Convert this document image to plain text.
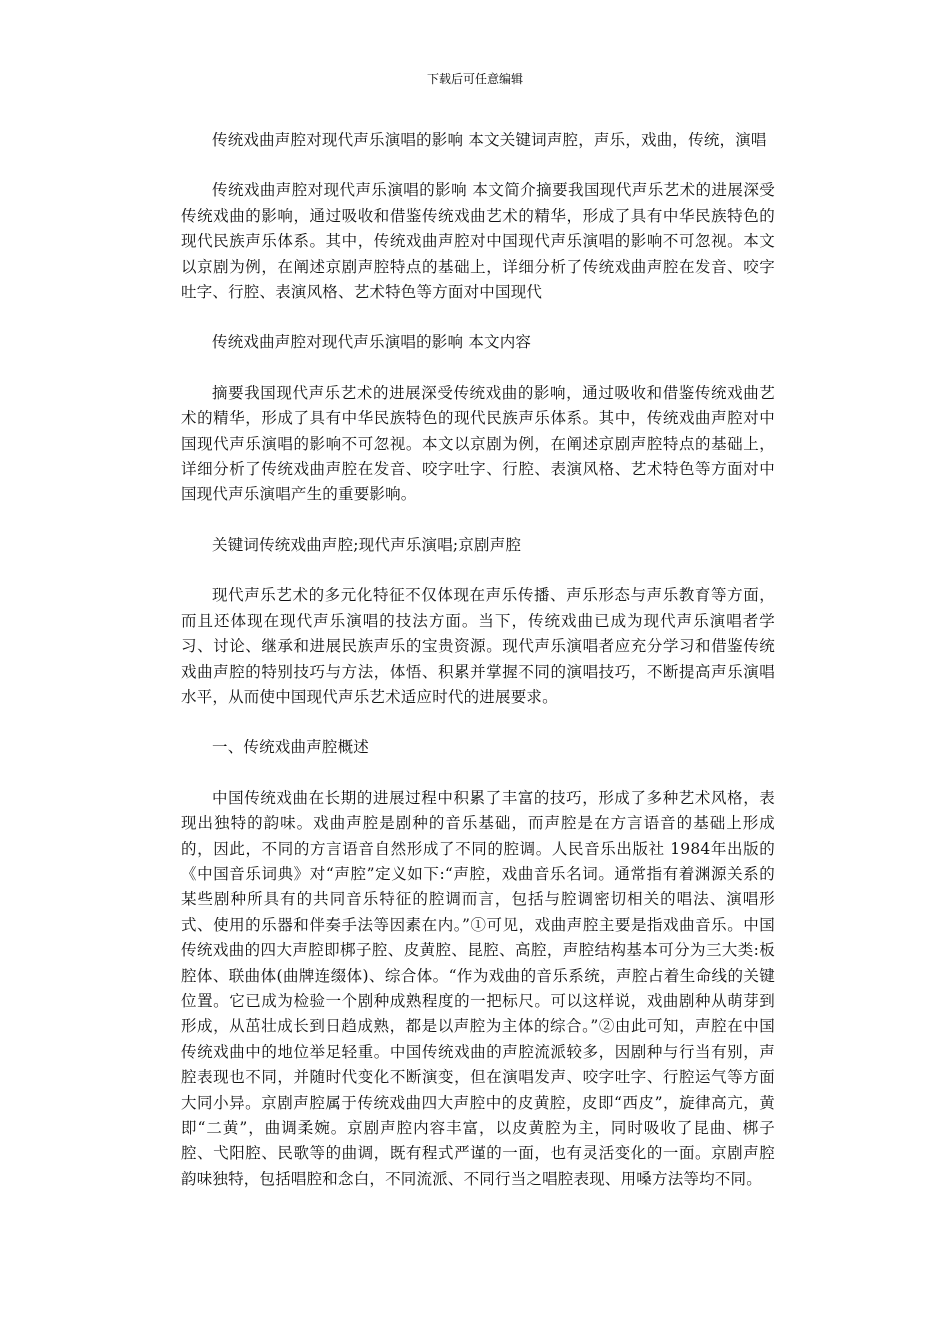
下载后可任意编辑

传统戏曲声腔对现代声乐演唱的影响 本文关键词声腔，声乐，戏曲，传统，演唱

传统戏曲声腔对现代声乐演唱的影响 本文简介摘要我国现代声乐艺术的进展深受传统戏曲的影响，通过吸收和借鉴传统戏曲艺术的精华，形成了具有中华民族特色的现代民族声乐体系。其中，传统戏曲声腔对中国现代声乐演唱的影响不可忽视。本文以京剧为例，在阐述京剧声腔特点的基础上，详细分析了传统戏曲声腔在发音、咬字吐字、行腔、表演风格、艺术特色等方面对中国现代

传统戏曲声腔对现代声乐演唱的影响 本文内容

摘要我国现代声乐艺术的进展深受传统戏曲的影响，通过吸收和借鉴传统戏曲艺术的精华，形成了具有中华民族特色的现代民族声乐体系。其中，传统戏曲声腔对中国现代声乐演唱的影响不可忽视。本文以京剧为例，在阐述京剧声腔特点的基础上，详细分析了传统戏曲声腔在发音、咬字吐字、行腔、表演风格、艺术特色等方面对中国现代声乐演唱产生的重要影响。

关键词传统戏曲声腔;现代声乐演唱;京剧声腔

现代声乐艺术的多元化特征不仅体现在声乐传播、声乐形态与声乐教育等方面，而且还体现在现代声乐演唱的技法方面。当下，传统戏曲已成为现代声乐演唱者学习、讨论、继承和进展民族声乐的宝贵资源。现代声乐演唱者应充分学习和借鉴传统戏曲声腔的特别技巧与方法，体悟、积累并掌握不同的演唱技巧，不断提高声乐演唱水平，从而使中国现代声乐艺术适应时代的进展要求。

一、传统戏曲声腔概述

中国传统戏曲在长期的进展过程中积累了丰富的技巧，形成了多种艺术风格，表现出独特的韵味。戏曲声腔是剧种的音乐基础，而声腔是在方言语音的基础上形成的，因此，不同的方言语音自然形成了不同的腔调。人民音乐出版社 1984年出版的《中国音乐词典》对“声腔”定义如下:“声腔，戏曲音乐名词。通常指有着渊源关系的某些剧种所具有的共同音乐特征的腔调而言，包括与腔调密切相关的唱法、演唱形式、使用的乐器和伴奏手法等因素在内。”①可见，戏曲声腔主要是指戏曲音乐。中国传统戏曲的四大声腔即梆子腔、皮黄腔、昆腔、高腔，声腔结构基本可分为三大类:板腔体、联曲体(曲牌连缀体)、综合体。“作为戏曲的音乐系统，声腔占着生命线的关键位置。它已成为检验一个剧种成熟程度的一把标尺。可以这样说，戏曲剧种从萌芽到形成，从茁壮成长到日趋成熟，都是以声腔为主体的综合。”②由此可知，声腔在中国传统戏曲中的地位举足轻重。中国传统戏曲的声腔流派较多，因剧种与行当有别，声腔表现也不同，并随时代变化不断演变，但在演唱发声、咬字吐字、行腔运气等方面大同小异。京剧声腔属于传统戏曲四大声腔中的皮黄腔，皮即“西皮”，旋律高亢，黄即“二黄”，曲调柔婉。京剧声腔内容丰富，以皮黄腔为主，同时吸收了昆曲、梆子腔、弋阳腔、民歌等的曲调，既有程式严谨的一面，也有灵活变化的一面。京剧声腔韵味独特，包括唱腔和念白，不同流派、不同行当之唱腔表现、用嗓方法等均不同。
